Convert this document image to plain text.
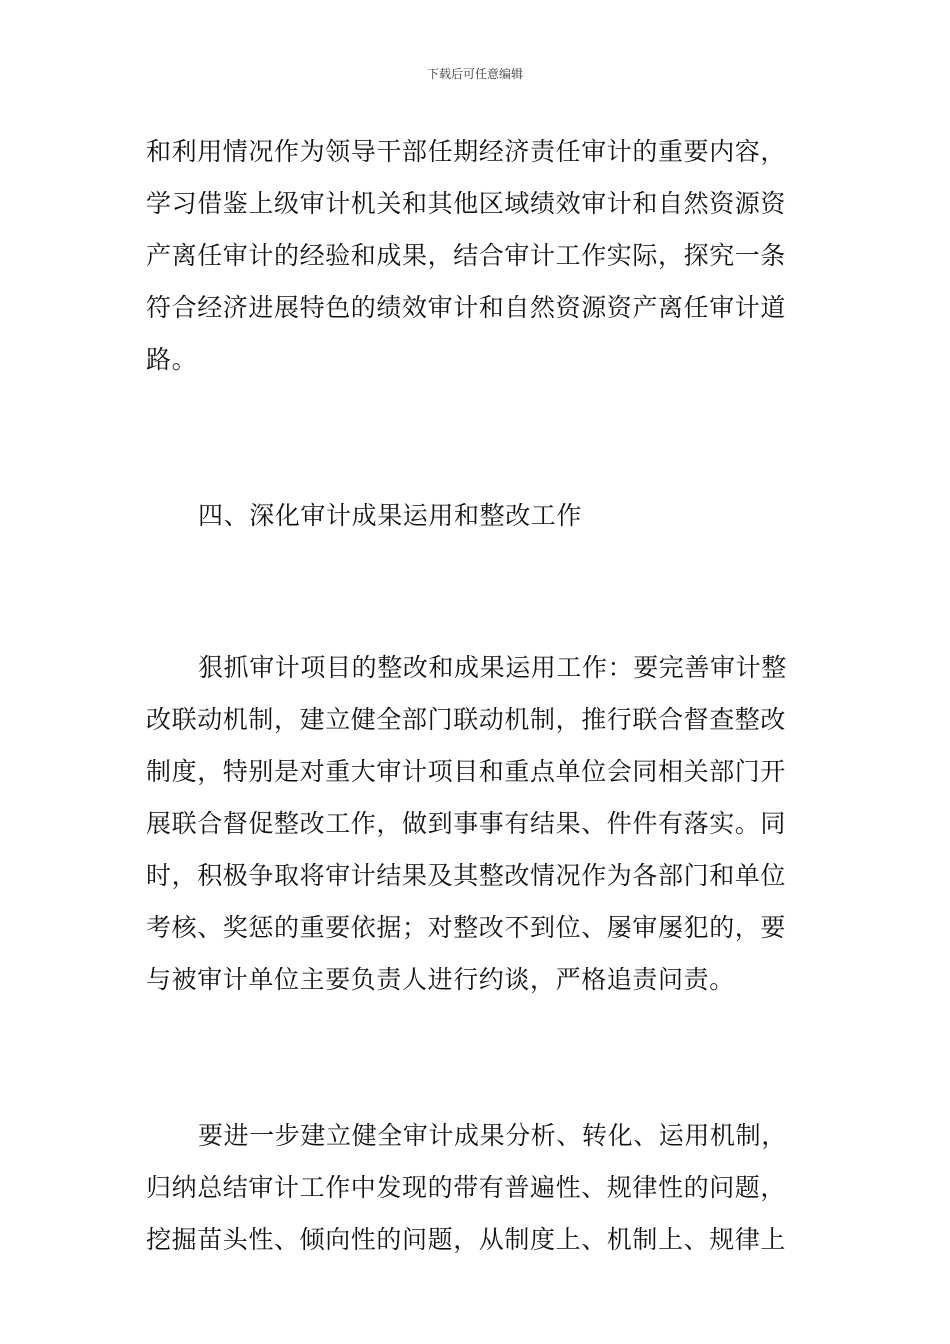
下载后可任意编辑

和利用情况作为领导干部任期经济责任审计的重要内容，
学习借鉴上级审计机关和其他区域绩效审计和自然资源资
产离任审计的经验和成果，结合审计工作实际，探究一条
符合经济进展特色的绩效审计和自然资源资产离任审计道
路。

四、深化审计成果运用和整改工作

狠抓审计项目的整改和成果运用工作：要完善审计整
改联动机制，建立健全部门联动机制，推行联合督查整改
制度，特别是对重大审计项目和重点单位会同相关部门开
展联合督促整改工作，做到事事有结果、件件有落实。同
时，积极争取将审计结果及其整改情况作为各部门和单位
考核、奖惩的重要依据；对整改不到位、屡审屡犯的，要
与被审计单位主要负责人进行约谈，严格追责问责。

要进一步建立健全审计成果分析、转化、运用机制，
归纳总结审计工作中发现的带有普遍性、规律性的问题，
挖掘苗头性、倾向性的问题，从制度上、机制上、规律上
